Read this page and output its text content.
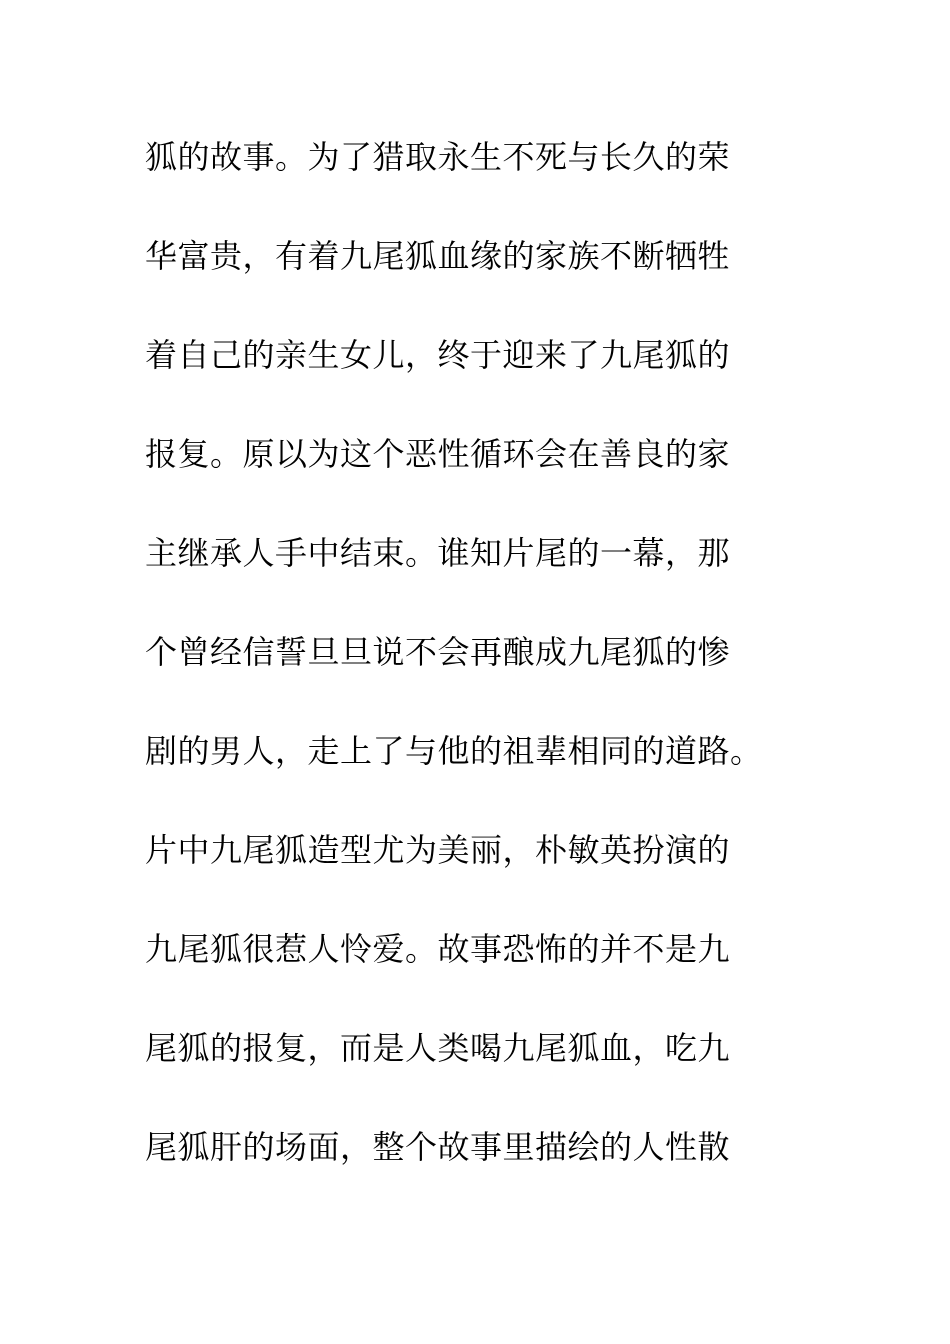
狐的故事。为了猎取永生不死与长久的荣
华富贵，有着九尾狐血缘的家族不断牺牲
着自己的亲生女儿，终于迎来了九尾狐的
报复。原以为这个恶性循环会在善良的家
主继承人手中结束。谁知片尾的一幕，那
个曾经信誓旦旦说不会再酿成九尾狐的惨
剧的男人，走上了与他的祖辈相同的道路。
片中九尾狐造型尤为美丽，朴敏英扮演的
九尾狐很惹人怜爱。故事恐怖的并不是九
尾狐的报复，而是人类喝九尾狐血，吃九
尾狐肝的场面，整个故事里描绘的人性散
